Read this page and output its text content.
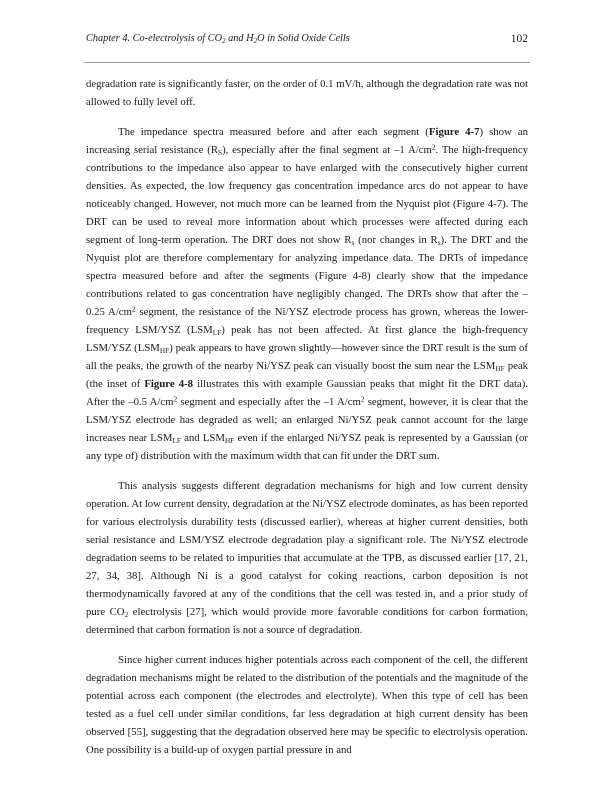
Chapter 4. Co-electrolysis of $CO_2$ and $H_2O$ in Solid Oxide Cells	102

degradation rate is significantly faster, on the order of 0.1 mV/h, although the degradation rate was not allowed to fully level off.

The impedance spectra measured before and after each segment (Figure 4-7) show an increasing serial resistance $(R_S)$, especially after the final segment at –1 $A/cm^2$. The high-frequency contributions to the impedance also appear to have enlarged with the consecutively higher current densities. As expected, the low frequency gas concentration impedance arcs do not appear to have noticeably changed. However, not much more can be learned from the Nyquist plot (Figure 4-7). The DRT can be used to reveal more information about which processes were affected during each segment of long-term operation. The DRT does not show $R_s$ (nor changes in $R_s$). The DRT and the Nyquist plot are therefore complementary for analyzing impedance data. The DRTs of impedance spectra measured before and after the segments (Figure 4-8) clearly show that the impedance contributions related to gas concentration have negligibly changed. The DRTs show that after the –0.25 $A/cm^2$ segment, the resistance of the Ni/YSZ electrode process has grown, whereas the lower-frequency LSM/YSZ $(LSM_{LF})$ peak has not been affected. At first glance the high-frequency LSM/YSZ $(LSM_{HF})$ peak appears to have grown slightly—however since the DRT result is the sum of all the peaks, the growth of the nearby Ni/YSZ peak can visually boost the sum near the $LSM_{HF}$ peak (the inset of Figure 4-8 illustrates this with example Gaussian peaks that might fit the DRT data). After the –0.5 $A/cm^2$ segment and especially after the –1 $A/cm^2$ segment, however, it is clear that the LSM/YSZ electrode has degraded as well; an enlarged Ni/YSZ peak cannot account for the large increases near $LSM_{LF}$ and $LSM_{HF}$ even if the enlarged Ni/YSZ peak is represented by a Gaussian (or any type of) distribution with the maximum width that can fit under the DRT sum.

This analysis suggests different degradation mechanisms for high and low current density operation. At low current density, degradation at the Ni/YSZ electrode dominates, as has been reported for various electrolysis durability tests (discussed earlier), whereas at higher current densities, both serial resistance and LSM/YSZ electrode degradation play a significant role. The Ni/YSZ electrode degradation seems to be related to impurities that accumulate at the TPB, as discussed earlier [17, 21, 27, 34, 38]. Although Ni is a good catalyst for coking reactions, carbon deposition is not thermodynamically favored at any of the conditions that the cell was tested in, and a prior study of pure $CO_2$ electrolysis [27], which would provide more favorable conditions for carbon formation, determined that carbon formation is not a source of degradation.

Since higher current induces higher potentials across each component of the cell, the different degradation mechanisms might be related to the distribution of the potentials and the magnitude of the potential across each component (the electrodes and electrolyte). When this type of cell has been tested as a fuel cell under similar conditions, far less degradation at high current density has been observed [55], suggesting that the degradation observed here may be specific to electrolysis operation. One possibility is a build-up of oxygen partial pressure in and
